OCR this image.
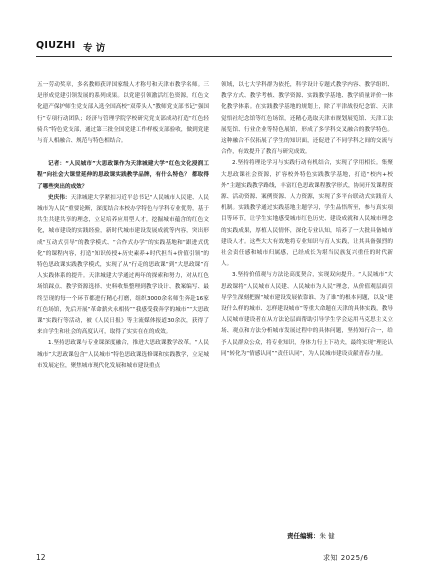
QIUZHI 专 访

五一劳动奖章，多名教师获评国家级人才称号和天津市教学名师。三是形成党建引领发展的系列成果。以党建引领激活红色资源，红色文化遗产保护师生党支部入选全国高校“双带头人”教师党支部书记“强国行”专项行动团队；经济与管理学院学校研究党支部成功打造“红色轻骑兵”特色党支部，通过第三批全国党建工作样板支部验收，做到党建与育人相融合、规范与特色相结合。

记者：“人民城市”大思政课作为天津城建大学“红色文化浸润工程”向社会大课堂延伸的思政课实践教学品牌，有什么特色？ 都取得了哪些突出的成效？

史庆伟：天津城建大学紧扣习近平总书记“人民城市人民建、人民城市为人民”重要论断，深度结合本校办学特色与学科专业优势，基于共生共建共享的理念，立足培养应用型人才，挖掘城市蕴含的红色文化，城市建设的实践经验，新时代城市建设发展成就等内容，突出形成“互动式引导”的教学模式、“合作式办学”的实践基地和“跟进式优化”的课程内容，打造“知识传授+历史素养+时代担当+价值引领”的特色思政课实践教学模式，实现了从“行走的思政课”到“大思政课”育人实践体系的提升。天津城建大学通过两年的探索和努力，对从红色场馆踩点、教学资源选择、史料收集整理到教学设计、教案编写、最终呈现的每一个环节都进行精心打磨，组织3000余名师生奔赴16家红色场馆，先后开展“革命薪火永相传”“我感受我奔学的城市”“大思政课”实践行等活动，被《人民日报》等主流媒体报道30余次，获得了来自学生和社会的高度认可，取得了实实在在的成效。

1.坚持思政课与专业课深度融合，推进大思政课教学改革。“人民城市”大思政课包含“人民城市”特色思政课选修课和实践教学，立足城市发展定位，聚焦城市现代化发展和城市建设重点

领域，以七大学科群为依托，科学设计专题式教学内容、教学组织、教学方式、教学考核、教学资源、实践教学基地、教学质量评价一体化教学体系。在实践教学基地的规划上，除了平津战役纪念馆、天津觉悟社纪念馆等红色场馆，还精心选取天津市规划展览馆、天津工法展览馆、行业企业等特色展馆，形成了多学科交叉融合的教学特色。这种融合不仅拓展了学生的知识面，还促进了不同学科之间的交流与合作，有效提升了教育与研究成效。

2.坚持将理论学习与实践行动有机结合，实现了学用相长。集聚大思政课社会资源，扩容校外特色实践教学基地，打造“校内+校外”主题实践教学路线，丰富红色思政课程教学形式，协同开发课程资源、活动资源、案例资源、人力资源，实现了多平台联动式实践育人机制。实践教学通过实践基地主题学习，学生品悟所至，参与真实项目等环节，让学生实地感受城市红色历史、建设成就和人民城市理念的实践成果，厚植人民情怀，深化专业认知，培养了一大批具备城市建设人才。这些大大有效地将专业知识与育人实践，让其具备强烈的社会责任感和城市归属感，已经成长为堪当民族复兴重任的时代新人。

3.坚持价值观与方法论高度契合，实现双向提升。“人民城市”大思政课将“人民城市人民建、人民城市为人民”理念，从价值观层面引导学生深刻把握“城市建设发展依靠谁、为了谁”的根本问题，以及“建设什么样的城市、怎样建设城市”等重大命题在天津的具体实践，教导人民城市建设者在从方法论层面帮助引导学生学会运用马克思主义立场、观点和方法分析城市发展过程中的具体问题，坚持知行合一，给予人民群众公众，将专业知识，身体力行上下功夫，最终实现“理论认同”转化为“情感认同”“责任认同”，为人民城市建设贡献青春力量。

责任编辑：朱 健
12	求知 2025/6
